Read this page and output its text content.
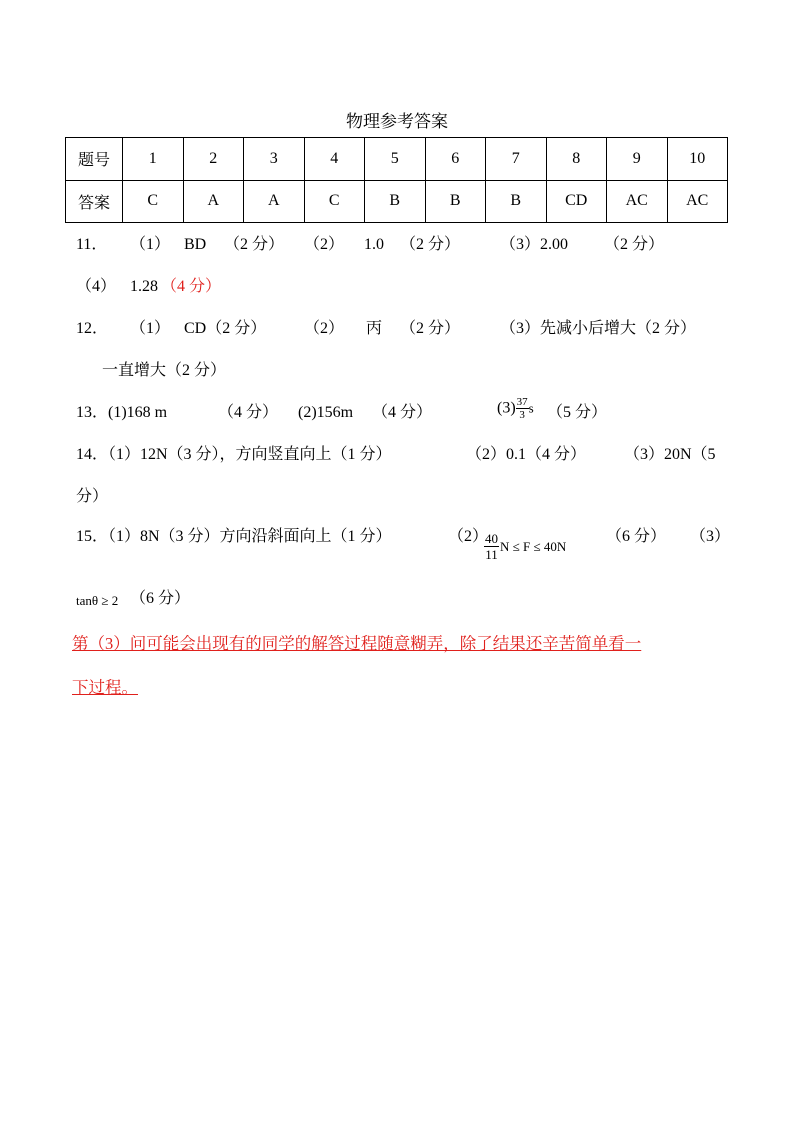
物理参考答案
题号	1	2	3	4	5	6	7	8	9	10
答案	C	A	A	C	B	B	B	CD	AC	AC
11． （1） BD （2 分） （2） 1.0 （2 分） （3）2.00 （2 分）
（4） 1.28 （4 分）
12． （1） CD（2 分） （2） 丙 （2 分） （3）先减小后增大（2 分）
一直增大（2 分）
13．(1)168 m	（4 分） (2)156m （4 分）	$(3) \frac{37}{3}$ s （5 分）
14．（1）12N（3 分），方向竖直向上（1 分）	（2）0.1（4 分） （3）20N（5
分）
15．（1）8N（3 分）方向沿斜面向上（1 分）	（2）
$\frac{40}{11}$ N ≤ F ≤ 40N
（6 分） （3）
tanθ ≥ 2 （6 分）
第（3）问可能会出现有的同学的解答过程随意糊弄，除了结果还辛苦简单看一
下过程。
